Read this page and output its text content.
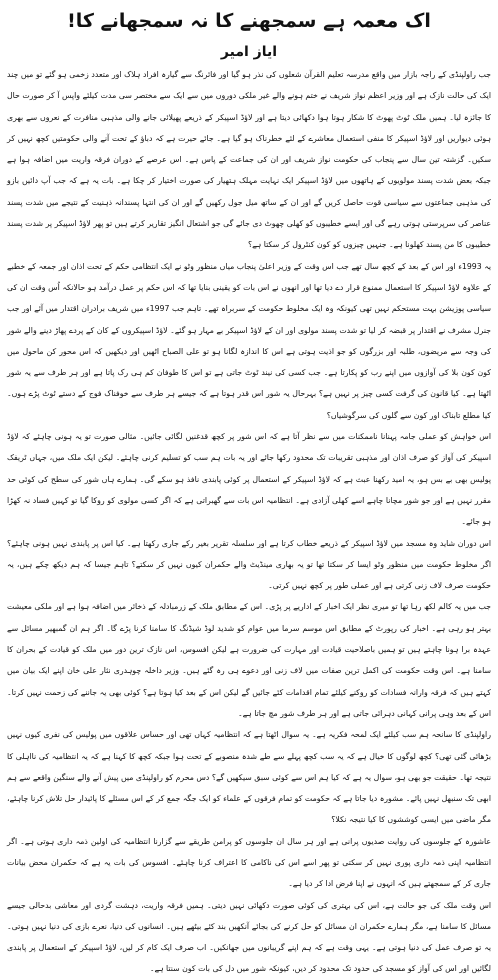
اک معمہ ہے سمجھنے کا نہ سمجھانے کا!
ایاز امیر

جب راولپنڈی کے راجہ بازار میں واقع مدرسہ تعلیم القرآن شعلوں کی نذر ہو گیا اور فائرنگ سے گیارہ افراد ہلاک اور متعدد زخمی ہو گئے تو میں چند ایک کی حالت نازک ہے اور وزیر اعظم نواز شریف نے ختم ہونے والے غیر ملکی دوروں میں سے ایک سے مختصر سی مدت کیلئے واپس آ کر صورت حال کا جائزہ لیا۔ ہمیں ملک ٹوٹ پھوٹ کا شکار ہوتا ہوا دکھائی دیتا ہے اور لاؤڈ اسپیکر کے ذریعے پھیلائی جانے والی مذہبی منافرت کے نعروں سے بھری ہوئی دیواریں اور لاؤڈ اسپیکر کا منفی استعمال معاشرے کے لئے خطرناک ہو گیا ہے۔ جائے حیرت ہے کہ دباؤ کے تحت آنے والی حکومتیں کچھ نہیں کر سکیں۔ گزشتہ تین سال سے پنجاب کی حکومت نواز شریف اور ان کی جماعت کے پاس ہے۔ اس عرصے کے دوران فرقہ واریت میں اضافہ ہوا ہے جبکہ بعض شدت پسند مولویوں کے ہاتھوں میں لاؤڈ اسپیکر ایک نہایت مہلک ہتھیار کی صورت اختیار کر چکا ہے۔ بات یہ ہے کہ جب آپ دائیں بازو کی مذہبی جماعتوں سے سیاسی قوت حاصل کریں گے اور ان کے ساتھ میل جول رکھیں گے اور ان کی انتہا پسندانہ ذہنیت کے نتیجے میں شدت پسند عناصر کی سرپرستی ہوتی رہے گی اور ایسے خطیبوں کو کھلی چھوٹ دی جائے گی جو اشتعال انگیز تقاریر کرتے ہیں تو پھر لاؤڈ اسپیکر پر شدت پسند خطیبوں کا من پسند کھلونا ہے۔ جنہیں چیزوں کو کون کنٹرول کر سکتا ہے؟

یہ 1993ء اور اس کے بعد کے کچھ سال تھے جب اس وقت کے وزیر اعلیٰ پنجاب میاں منظور وٹو نے ایک انتظامی حکم کے تحت اذان اور جمعہ کے خطبے کے علاوہ لاؤڈ اسپیکر کا استعمال ممنوع قرار دے دیا تھا اور انھوں نے اس بات کو یقینی بنایا تھا کہ اس حکم پر عمل درآمد ہو حالانکہ اُس وقت ان کی سیاسی پوزیشن بہت مستحکم نہیں تھی کیونکہ وہ ایک مخلوط حکومت کے سربراہ تھے۔ تاہم جب 1997ء میں شریف برادران اقتدار میں آئے اور جب جنرل مشرف نے اقتدار پر قبضہ کر لیا تو شدت پسند مولوی اور ان کے لاؤڈ اسپیکر بے مہار ہو گئے۔ لاؤڈ اسپیکروں کے کان کے پردے پھاڑ دینے والے شور کی وجہ سے مریضوں، طلبہ اور بزرگوں کو جو اذیت ہوتی ہے اس کا اندازہ لگانا ہو تو علی الصباح اٹھیں اور دیکھیں کہ اس محور کن ماحول میں کون کون بلا کی آوازوں میں اپنے رب کو پکارتا ہے۔ جب کسی کی نیند ٹوٹ جاتی ہے تو اس کا طوفان کم ہی رک پاتا ہے اور ہر طرف سے یہ شور اٹھتا ہے۔ کیا قانون کی گرفت کسی چیز پر نہیں ہے؟ بہرحال یہ شور اس قدر ہوتا ہے کہ جیسے ہر طرف سے خوفناک فوج کے دستے ٹوٹ پڑے ہوں۔ کیا مطلع تابناک اور کون سے گلوں کی سرگوشیاں؟

اس خواہش کو عملی جامہ پہنانا ناممکنات میں سے نظر آتا ہے کہ اس شور پر کچھ قدغنیں لگائی جائیں۔ مثالی صورت تو یہ ہونی چاہئے کہ لاؤڈ اسپیکر کی آواز کو صرف اذان اور مذہبی تقریبات تک محدود رکھا جائے اور یہ بات ہم سب کو تسلیم کرنی چاہئے۔ لیکن ایک ملک میں، جہاں ٹریفک پولیس بھی بے بس ہو، یہ امید رکھنا عبث ہے کہ لاؤڈ اسپیکر کے استعمال پر کوئی پابندی نافذ ہو سکے گی۔ ہمارے ہاں شور کی سطح کی کوئی حد مقرر نہیں ہے اور جو شور مچانا چاہے اسے کھلی آزادی ہے۔ انتظامیہ اس بات سے گھبراتی ہے کہ اگر کسی مولوی کو روکا گیا تو کہیں فساد نہ کھڑا ہو جائے۔

اس دوران شاید وہ مسجد میں لاؤڈ اسپیکر کے ذریعے خطاب کرتا ہے اور سلسلہ تقریر بغیر رکے جاری رکھتا ہے۔ کیا اس پر پابندی نہیں ہونی چاہئے؟ اگر مخلوط حکومت میں منظور وٹو ایسا کر سکتا تھا تو یہ بھاری مینڈیٹ والے حکمران کیوں نہیں کر سکتے؟ تاہم جیسا کہ ہم دیکھ چکے ہیں، یہ حکومت صرف لاف زنی کرتی ہے اور عملی طور پر کچھ نہیں کرتی۔

جب میں یہ کالم لکھ رہا تھا تو میری نظر ایک اخبار کے اداریے پر پڑی۔ اس کے مطابق ملک کے زرمبادلہ کے ذخائر میں اضافہ ہوا ہے اور ملکی معیشت بہتر ہو رہی ہے۔ اخبار کی رپورٹ کے مطابق اس موسم سرما میں عوام کو شدید لوڈ شیڈنگ کا سامنا کرنا پڑے گا۔ اگر ہم ان گمبھیر مسائل سے عہدہ برا ہونا چاہتے ہیں تو ہمیں باصلاحیت قیادت اور مہارت کی ضرورت ہے لیکن افسوس، اس نازک ترین دور میں ملک کو قیادت کے بحران کا سامنا ہے۔ اس وقت حکومت کی اکمل ترین صفات میں لاف زنی اور دعوے ہی رہ گئے ہیں۔ وزیر داخلہ چوہدری نثار علی خان اپنے ایک بیان میں کہتے ہیں کہ فرقہ وارانہ فسادات کو روکنے کیلئے تمام اقدامات کئے جائیں گے لیکن اس کے بعد کیا ہوتا ہے؟ کوئی بھی یہ جاننے کی زحمت نہیں کرتا۔ اس کے بعد وہی پرانی کہانی دہرائی جاتی ہے اور ہر طرف شور مچ جاتا ہے۔

راولپنڈی کا سانحہ ہم سب کیلئے ایک لمحہ فکریہ ہے۔ یہ سوال اٹھتا ہے کہ انتظامیہ کہاں تھی اور حساس علاقوں میں پولیس کی نفری کیوں نہیں بڑھائی گئی تھی؟ کچھ لوگوں کا خیال ہے کہ یہ سب کچھ پہلے سے طے شدہ منصوبے کے تحت ہوا جبکہ کچھ کا کہنا ہے کہ یہ انتظامیہ کی نااہلی کا نتیجہ تھا۔ حقیقت جو بھی ہو، سوال یہ ہے کہ کیا ہم اس سے کوئی سبق سیکھیں گے؟ دس محرم کو راولپنڈی میں پیش آنے والے سنگین واقعے سے ہم ابھی تک سنبھل نہیں پائے۔ مشورہ دیا جاتا ہے کہ حکومت کو تمام فرقوں کے علماء کو ایک جگہ جمع کر کے اس مسئلے کا پائیدار حل تلاش کرنا چاہئے، مگر ماضی میں ایسی کوششوں کا کیا نتیجہ نکلا؟

عاشورہ کے جلوسوں کی روایت صدیوں پرانی ہے اور ہر سال ان جلوسوں کو پرامن طریقے سے گزارنا انتظامیہ کی اولین ذمہ داری ہوتی ہے۔ اگر انتظامیہ اپنی ذمہ داری پوری نہیں کر سکتی تو پھر اسے اس کی ناکامی کا اعتراف کرنا چاہئے۔ افسوس کی بات یہ ہے کہ حکمران محض بیانات جاری کر کے سمجھتے ہیں کہ انہوں نے اپنا فرض ادا کر دیا ہے۔

اس وقت ملک کی جو حالت ہے، اس کی بہتری کی کوئی صورت دکھائی نہیں دیتی۔ ہمیں فرقہ واریت، دہشت گردی اور معاشی بدحالی جیسے مسائل کا سامنا ہے، مگر ہمارے حکمران ان مسائل کو حل کرنے کی بجائے آنکھیں بند کئے بیٹھے ہیں۔ انسانوں کی دنیا، نعرے بازی کی دنیا نہیں ہوتی۔ یہ تو صرف عمل کی دنیا ہوتی ہے۔ یہی وقت ہے کہ ہم اپنے گریبانوں میں جھانکیں۔ اب صرف ایک کام کر لیں، لاؤڈ اسپیکر کے استعمال پر پابندی لگائیں اور اس کی آواز کو مسجد کی حدود تک محدود کر دیں، کیونکہ شور میں دل کی بات کون سنتا ہے۔
